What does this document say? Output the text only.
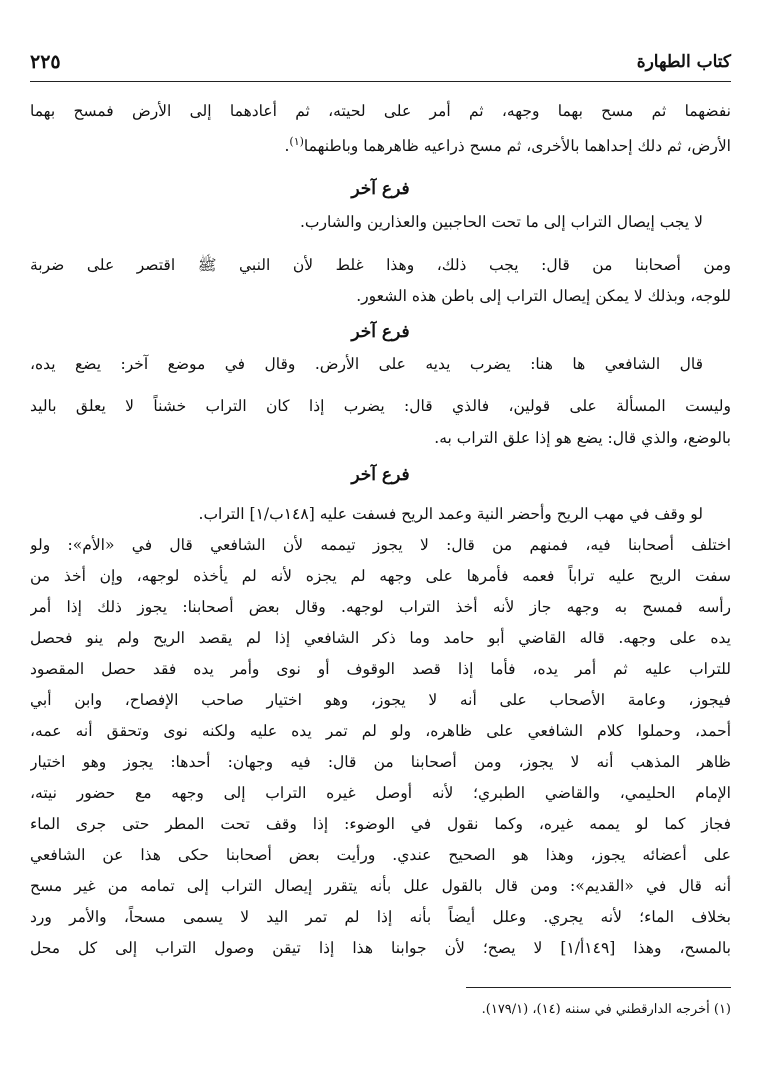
كتاب الطهارة
٢٢٥
نفضهما ثم مسح بهما وجهه، ثم أمر على لحيته، ثم أعادهما إلى الأرض فمسح بهما
الأرض، ثم دلك إحداهما بالأخرى، ثم مسح ذراعيه ظاهرهما وباطنهما$^{(١)}$.
فرع آخر
لا يجب إيصال التراب إلى ما تحت الحاجبين والعذارين والشارب.
ومن أصحابنا من قال: يجب ذلك، وهذا غلط لأن النبي ﷺ اقتصر على ضربة
للوجه، وبذلك لا يمكن إيصال التراب إلى باطن هذه الشعور.
فرع آخر
قال الشافعي ها هنا: يضرب يديه على الأرض. وقال في موضع آخر: يضع يده،
وليست المسألة على قولين، فالذي قال: يضرب إذا كان التراب خشناً لا يعلق باليد
بالوضع، والذي قال: يضع هو إذا علق التراب به.
فرع آخر
لو وقف في مهب الريح وأحضر النية وعمد الريح فسفت عليه [١٤٨ب/١] التراب.
اختلف أصحابنا فيه، فمنهم من قال: لا يجوز تيممه لأن الشافعي قال في «الأم»: ولو
سفت الريح عليه تراباً فعمه فأمرها على وجهه لم يجزه لأنه لم يأخذه لوجهه، وإن أخذ من
رأسه فمسح به وجهه جاز لأنه أخذ التراب لوجهه. وقال بعض أصحابنا: يجوز ذلك إذا أمر
يده على وجهه. قاله القاضي أبو حامد وما ذكر الشافعي إذا لم يقصد الريح ولم ينو فحصل
للتراب عليه ثم أمر يده، فأما إذا قصد الوقوف أو نوى وأمر يده فقد حصل المقصود
فيجوز، وعامة الأصحاب على أنه لا يجوز، وهو اختيار صاحب الإفصاح، وابن أبي
أحمد، وحملوا كلام الشافعي على ظاهره، ولو لم تمر يده عليه ولكنه نوى وتحقق أنه عمه،
ظاهر المذهب أنه لا يجوز، ومن أصحابنا من قال: فيه وجهان: أحدها: يجوز وهو اختيار
الإمام الحليمي، والقاضي الطبري؛ لأنه أوصل غيره التراب إلى وجهه مع حضور نيته،
فجاز كما لو يممه غيره، وكما نقول في الوضوء: إذا وقف تحت المطر حتى جرى الماء
على أعضائه يجوز، وهذا هو الصحيح عندي. ورأيت بعض أصحابنا حكى هذا عن الشافعي
أنه قال في «القديم»: ومن قال بالقول علل بأنه يتقرر إيصال التراب إلى تمامه من غير مسح
بخلاف الماء؛ لأنه يجري. وعلل أيضاً بأنه إذا لم تمر اليد لا يسمى مسحاً، والأمر ورد
بالمسح، وهذا [١٤٩أ/١] لا يصح؛ لأن جوابنا هذا إذا تيقن وصول التراب إلى كل محل
(١) أخرجه الدارقطني في سننه (١٤)، (١٧٩/١).
